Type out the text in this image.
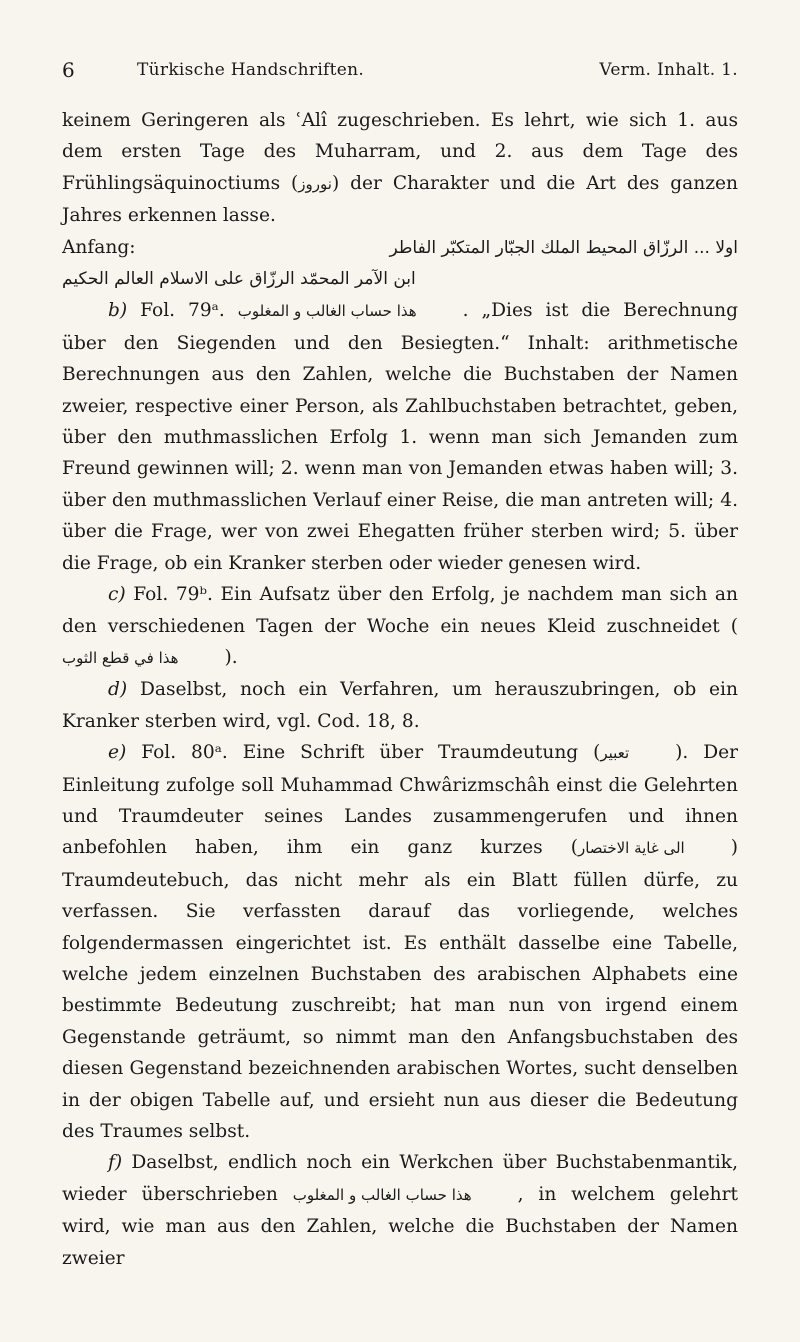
6	Türkische Handschriften.	Verm. Inhalt. 1.

keinem Geringeren als ʿAlî zugeschrieben. Es lehrt, wie sich 1. aus dem ersten Tage des Muharram, und 2. aus dem Tage des Frühlingsäquinoctiums (نوروز) der Charakter und die Art des ganzen Jahres erkennen lasse.

Anfang:	اولا ... الرزّاق المحيط الملك الجبّار المتكبّر الفاطر
ابن الآمر المحمّد الرزّاق على الاسلام العالم الحكيم

b) Fol. 79ᵃ. هذا حساب الغالب و المغلوب . „Dies ist die Berechnung über den Siegenden und den Besiegten.“ Inhalt: arithmetische Berechnungen aus den Zahlen, welche die Buchstaben der Namen zweier, respective einer Person, als Zahlbuchstaben betrachtet, geben, über den muthmasslichen Erfolg 1. wenn man sich Jemanden zum Freund gewinnen will; 2. wenn man von Jemanden etwas haben will; 3. über den muthmasslichen Verlauf einer Reise, die man antreten will; 4. über die Frage, wer von zwei Ehegatten früher sterben wird; 5. über die Frage, ob ein Kranker sterben oder wieder genesen wird.

c) Fol. 79ᵇ. Ein Aufsatz über den Erfolg, je nachdem man sich an den verschiedenen Tagen der Woche ein neues Kleid zuschneidet (هذا في قطع الثوب ).

d) Daselbst, noch ein Verfahren, um herauszubringen, ob ein Kranker sterben wird, vgl. Cod. 18, 8.

e) Fol. 80ᵃ. Eine Schrift über Traumdeutung (تعبير ). Der Einleitung zufolge soll Muhammad Chwârizmschâh einst die Gelehrten und Traumdeuter seines Landes zusammengerufen und ihnen anbefohlen haben, ihm ein ganz kurzes (الى غاية الاختصار ) Traumdeutebuch, das nicht mehr als ein Blatt füllen dürfe, zu verfassen. Sie verfassten darauf das vorliegende, welches folgendermassen eingerichtet ist. Es enthält dasselbe eine Tabelle, welche jedem einzelnen Buchstaben des arabischen Alphabets eine bestimmte Bedeutung zuschreibt; hat man nun von irgend einem Gegenstande geträumt, so nimmt man den Anfangsbuchstaben des diesen Gegenstand bezeichnenden arabischen Wortes, sucht denselben in der obigen Tabelle auf, und ersieht nun aus dieser die Bedeutung des Traumes selbst.

f) Daselbst, endlich noch ein Werkchen über Buchstabenmantik, wieder überschrieben هذا حساب الغالب و المغلوب , in welchem gelehrt wird, wie man aus den Zahlen, welche die Buchstaben der Namen zweier
